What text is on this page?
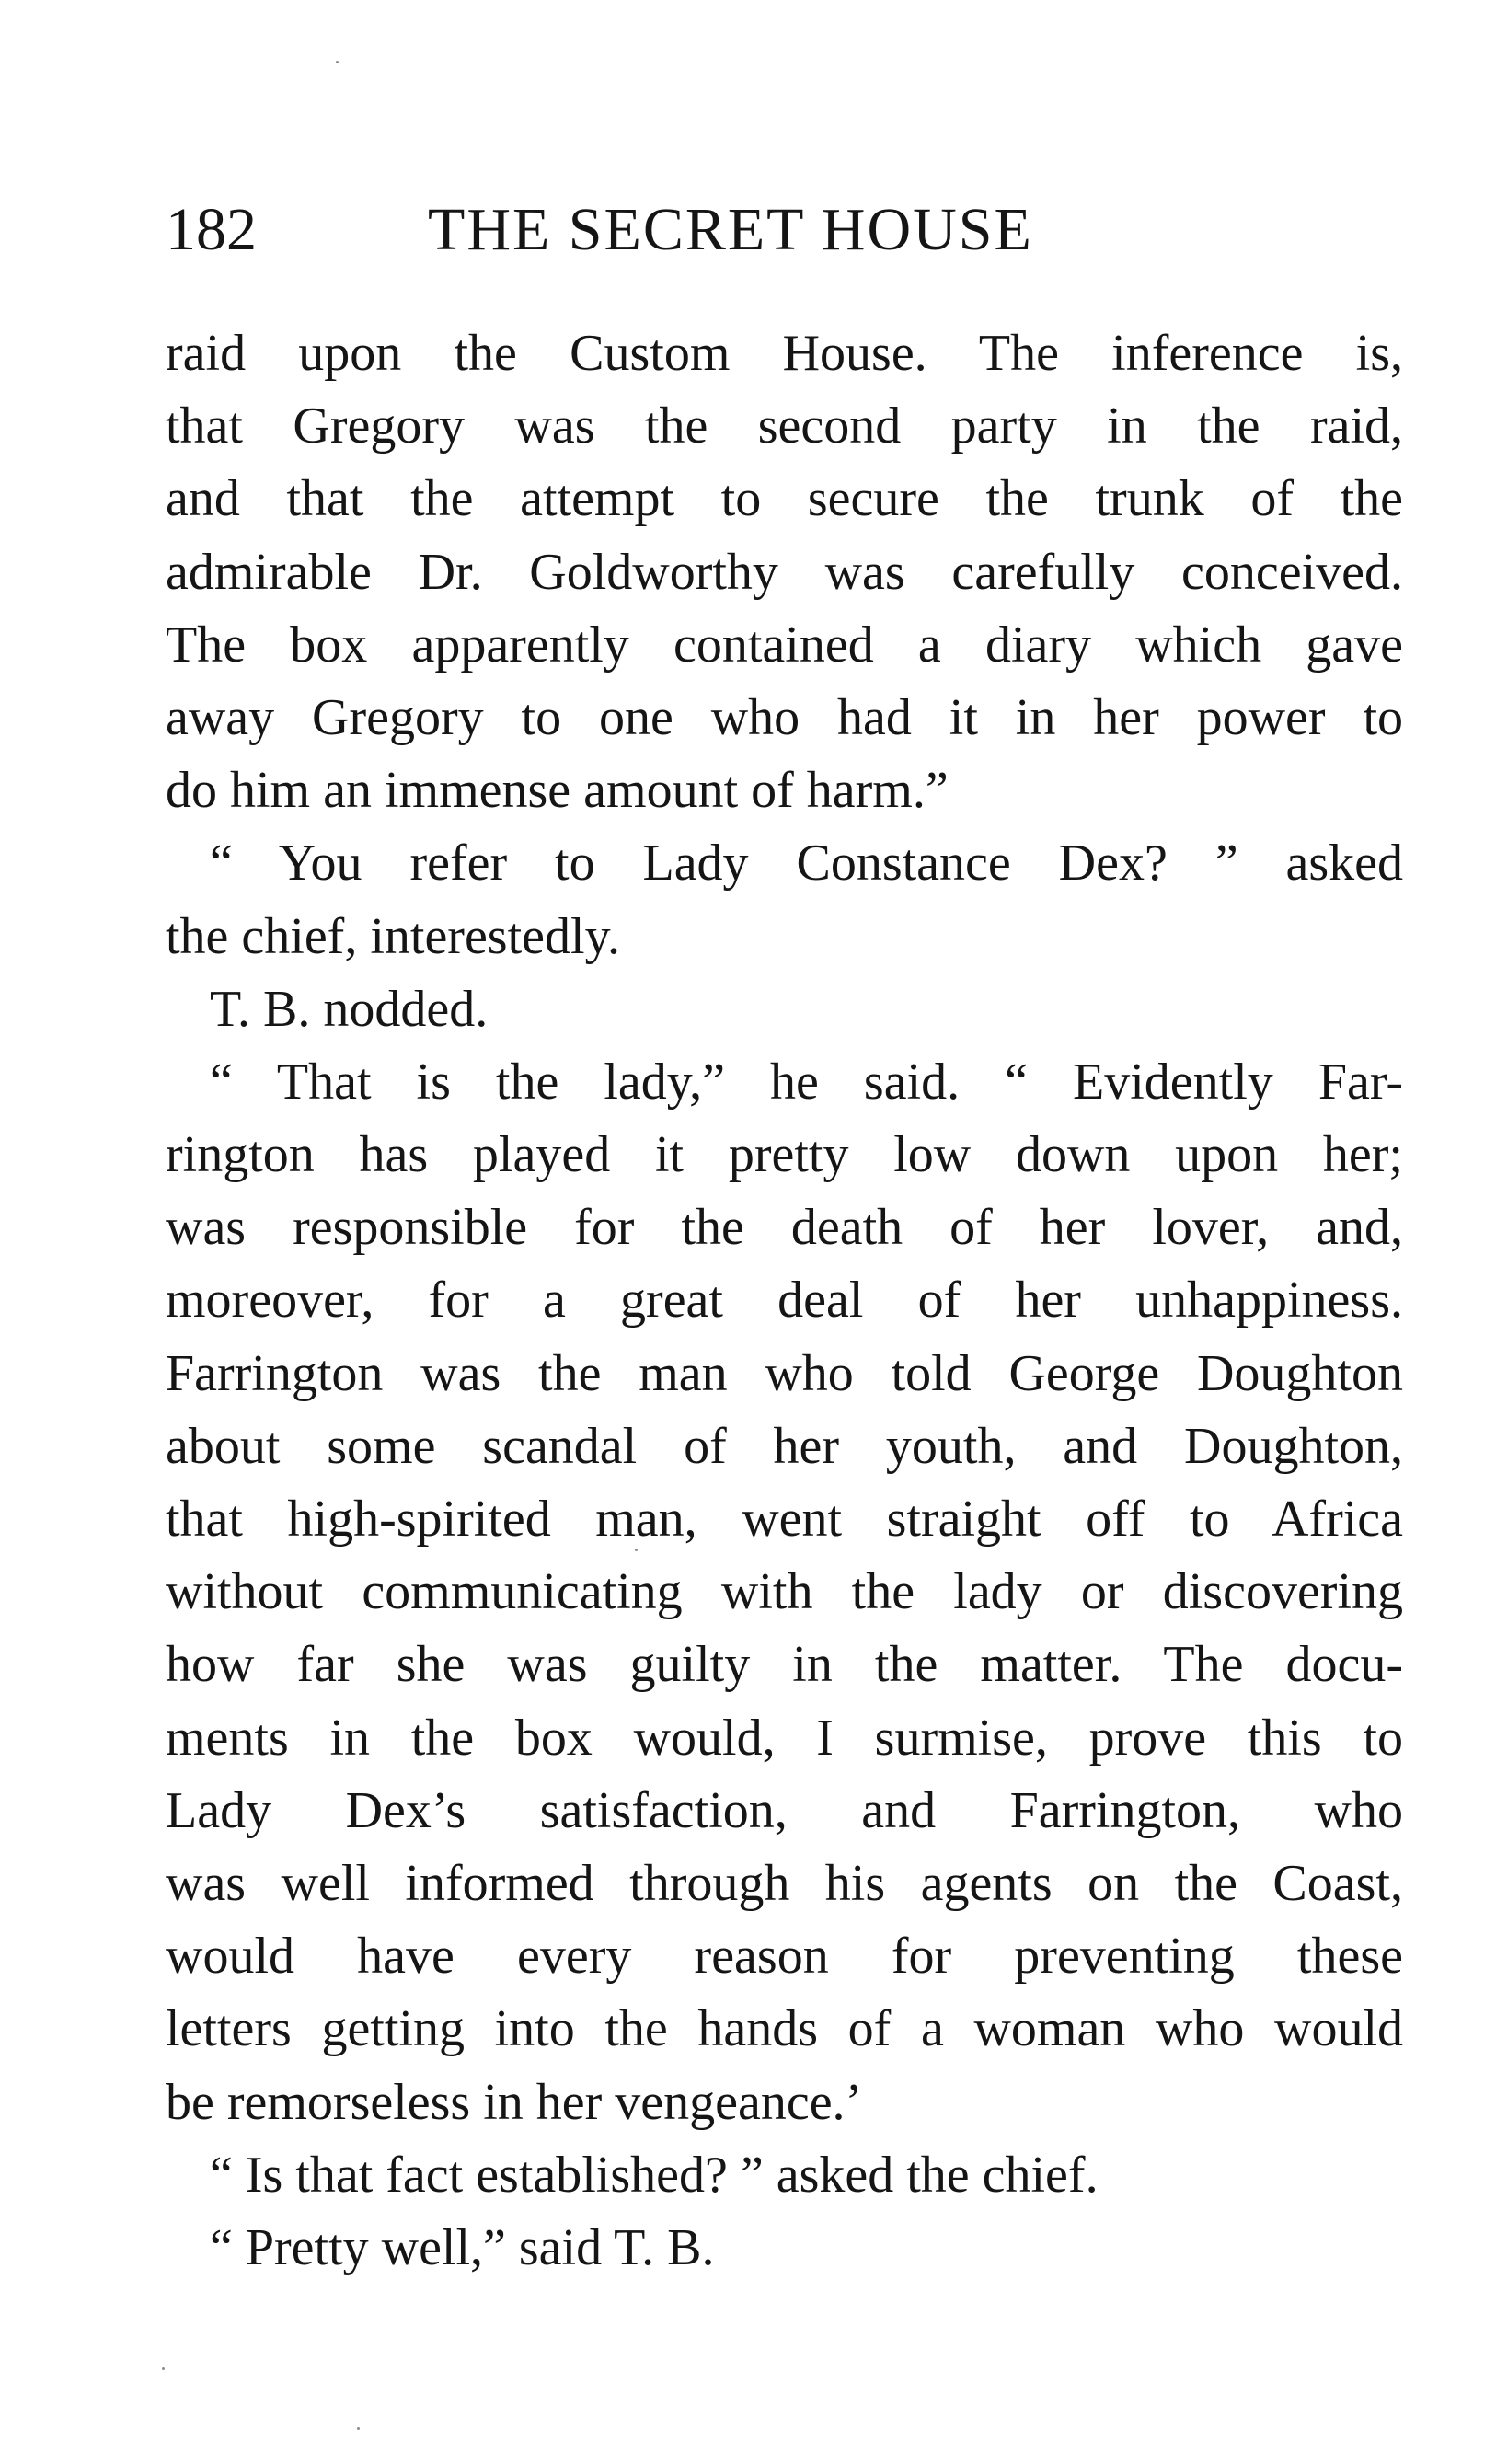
182	THE SECRET HOUSE
raid upon the Custom House. The inference is,
that Gregory was the second party in the raid,
and that the attempt to secure the trunk of the
admirable Dr. Goldworthy was carefully conceived.
The box apparently contained a diary which gave
away Gregory to one who had it in her power to
do him an immense amount of harm.”
“ You refer to Lady Constance Dex? ” asked
the chief, interestedly.
T. B. nodded.
“ That is the lady,” he said. “ Evidently Far-
rington has played it pretty low down upon her;
was responsible for the death of her lover, and,
moreover, for a great deal of her unhappiness.
Farrington was the man who told George Doughton
about some scandal of her youth, and Doughton,
that high-spirited man, went straight off to Africa
without communicating with the lady or discovering
how far she was guilty in the matter. The docu-
ments in the box would, I surmise, prove this to
Lady Dex’s satisfaction, and Farrington, who
was well informed through his agents on the Coast,
would have every reason for preventing these
letters getting into the hands of a woman who would
be remorseless in her vengeance.’
“ Is that fact established? ” asked the chief.
“ Pretty well,” said T. B.
